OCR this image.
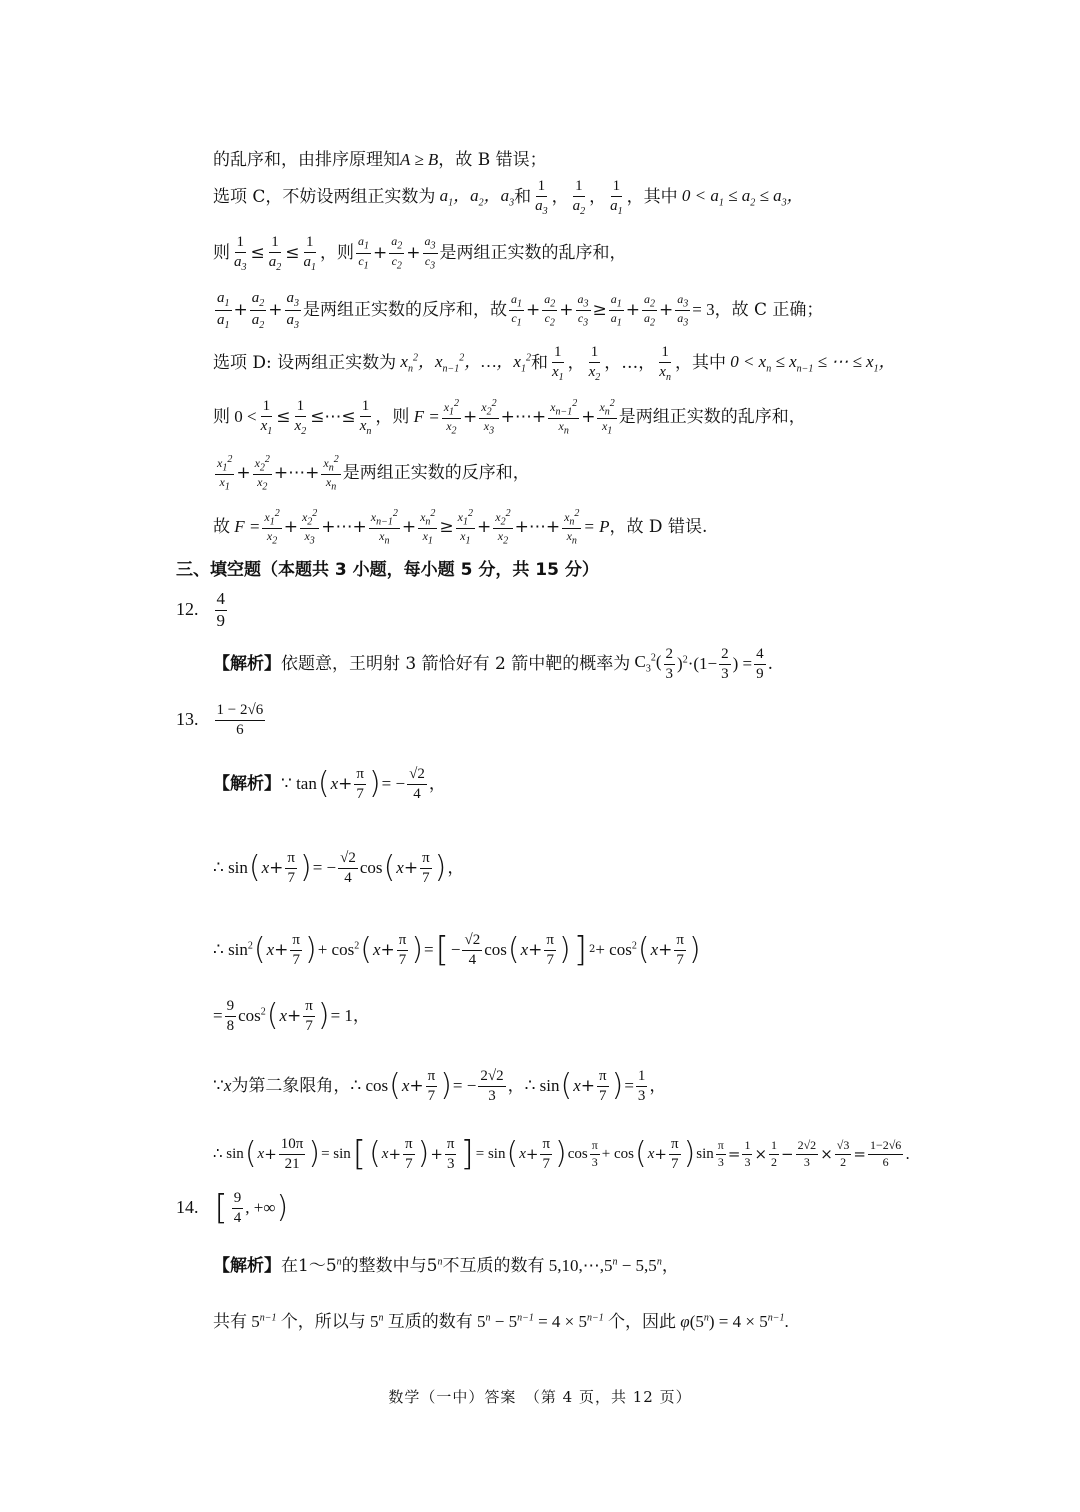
的乱序和，由排序原理知 A ≥ B ，故 B 错误；
选项 C，不妨设两组正实数为 $a_1$，$a_2$，$a_3$ 和 $\frac{1}{a_3}$ ， $\frac{1}{a_2}$ ， $\frac{1}{a_1}$ ，其中 $0 < a_1 \le a_2 \le a_3$，
则 $\frac{1}{a_3} \le \frac{1}{a_2} \le \frac{1}{a_1}$ ，则 $\frac{a_1}{c_1} + \frac{a_2}{c_2} + \frac{a_3}{c_3}$ 是两组正实数的乱序和，
$\frac{a_1}{a_1} + \frac{a_2}{a_2} + \frac{a_3}{a_3}$ 是两组正实数的反序和，故 $\frac{a_1}{c_1} + \frac{a_2}{c_2} + \frac{a_3}{c_3} \ge \frac{a_1}{a_1} + \frac{a_2}{a_2} + \frac{a_3}{a_3} = 3$ ，故 C 正确；
选项 D: 设两组正实数为 $x_n^2$，$x_{n-1}^2$，…，$x_1^2$ 和 $\frac{1}{x_1}$ ， $\frac{1}{x_2}$ ，…， $\frac{1}{x_n}$ ，其中 $0 < x_n \le x_{n-1}$ ≤ ⋯ ≤ $x_1$，
则 $0 < \frac{1}{x_1} \le \frac{1}{x_2}$ ≤⋯≤ $\frac{1}{x_n}$ ，则 $F = \frac{x_1^2}{x_2} + \frac{x_2^2}{x_3}$ +⋯+ $\frac{x_{n-1}^2}{x_n} + \frac{x_n^2}{x_1}$ 是两组正实数的乱序和，
$\frac{x_1^2}{x_1} + \frac{x_2^2}{x_2}$ +⋯+ $\frac{x_n^2}{x_n}$ 是两组正实数的反序和，
故 $F = \frac{x_1^2}{x_2} + \frac{x_2^2}{x_3}$ +⋯+ $\frac{x_{n-1}^2}{x_n} + \frac{x_n^2}{x_1} \ge \frac{x_1^2}{x_1} + \frac{x_2^2}{x_2}$ +⋯+ $\frac{x_n^2}{x_n} = P$ ，故 D 错误.
三、填空题（本题共 3 小题，每小题 5 分，共 15 分）
12. $\frac{4}{9}$
【解析】 依题意，王明射 3 箭恰好有 2 箭中靶的概率为 $C_3^2( \frac{2}{3} )^2\cdot(1- \frac{2}{3}$ ) = $\frac{4}{9}$ .
13. $\frac{1 - 2√6}{6}$
【解析】 ∵ tan ( $x + \frac{\pi}{7}$ ) = − $\frac{√2}{4}$ ，
∴ sin ( $x + \frac{\pi}{7}$ ) = − $\frac{√2}{4}$ cos ( $x + \frac{\pi}{7}$ ) ，
∴ $\sin^2$ ( $x + \frac{\pi}{7}$ ) + $\cos^2$ ( $x + \frac{\pi}{7}$ ) = [ − $\frac{√2}{4}$ cos ( $x + \frac{\pi}{7}$ ) ] $2 + \cos^2$ ( $x + \frac{\pi}{7}$ )
= $\frac{9}{8} \cos^2$ ( $x + \frac{\pi}{7}$ ) = 1 ，
∵ x 为第二象限角， ∴ cos ( $x + \frac{\pi}{7}$ ) = − $\frac{2√2}{3}$ ， ∴ sin ( $x + \frac{\pi}{7}$ ) = $\frac{1}{3}$ ，
∴ sin ( $x + \frac{10\pi}{21}$ ) = sin [ ( $x + \frac{\pi}{7}$ ) + $\frac{\pi}{3}$ ] = sin ( $x + \frac{\pi}{7}$ ) $\cos \frac{\pi}{3} + \cos$ ( $x + \frac{\pi}{7}$ ) $\sin \frac{\pi}{3} = \frac{1}{3} \times \frac{1}{2} - \frac{2√2}{3} \times \frac{√3}{2} = \frac{1-2√6}{6}$ .
14. [ $\frac{9}{4}$ , +∞ )
【解析】 在1～5 $^n$ 的整数中与5 $^n$ 不互质的数有 $5,10,\cdots,5^n - 5,5^n$，
共有 $5^{n-1}$ 个，所以与 5$^n$ 互质的数有 $5^n - 5^{n-1} = 4 \times 5^{n-1}$ 个，因此 φ $(5^n) = 4 \times 5^{n-1}$.
数学（一中）答案　（第 4 页，共 12 页）
